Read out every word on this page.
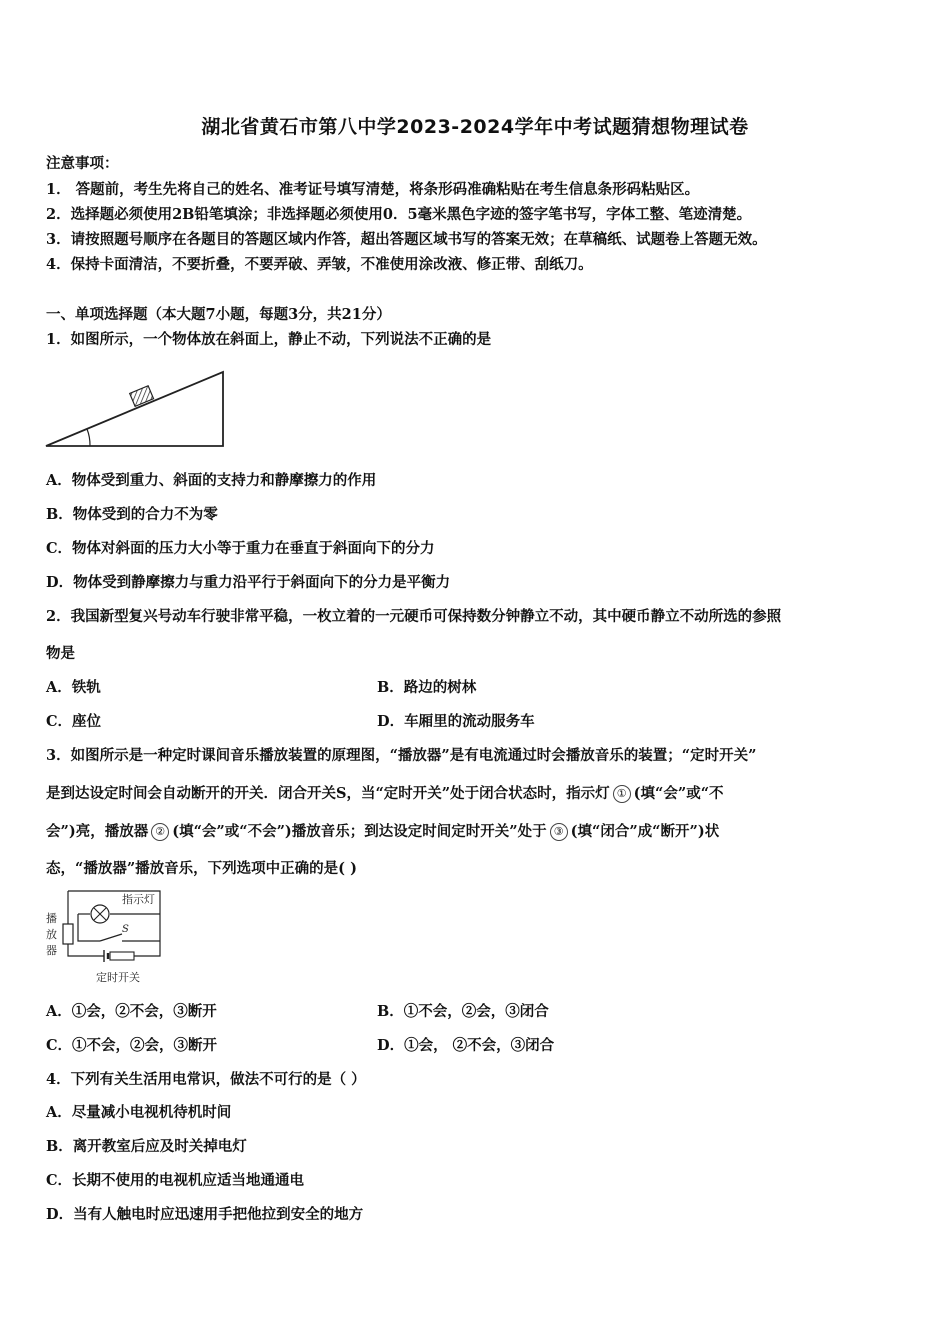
湖北省黄石市第八中学2023-2024学年中考试题猜想物理试卷
注意事项：
1． 答题前，考生先将自己的姓名、准考证号填写清楚，将条形码准确粘贴在考生信息条形码粘贴区。
2．选择题必须使用2B铅笔填涂；非选择题必须使用0．5毫米黑色字迹的签字笔书写，字体工整、笔迹清楚。
3．请按照题号顺序在各题目的答题区域内作答，超出答题区域书写的答案无效；在草稿纸、试题卷上答题无效。
4．保持卡面清洁，不要折叠，不要弄破、弄皱，不准使用涂改液、修正带、刮纸刀。
一、单项选择题（本大题7小题，每题3分，共21分）
1．如图所示，一个物体放在斜面上，静止不动，下列说法不正确的是
A．物体受到重力、斜面的支持力和静摩擦力的作用
B．物体受到的合力不为零
C．物体对斜面的压力大小等于重力在垂直于斜面向下的分力
D．物体受到静摩擦力与重力沿平行于斜面向下的分力是平衡力
2．我国新型复兴号动车行驶非常平稳，一枚立着的一元硬币可保持数分钟静立不动，其中硬币静立不动所选的参照
物是
A．铁轨	B．路边的树林
C．座位	D．车厢里的流动服务车
3．如图所示是一种定时课间音乐播放装置的原理图，“播放器”是有电流通过时会播放音乐的装置；“定时开关”
是到达设定时间会自动断开的开关．闭合开关S，当“定时开关”处于闭合状态时，指示灯 ① (填“会”或“不
会”)亮，播放器 ② (填“会”或“不会”)播放音乐；到达设定时间定时开关”处于 ③ (填“闭合”成“断开”)状
态，“播放器”播放音乐，下列选项中正确的是( )
指示灯
S
播
放
器
定时开关
A．①会，②不会，③断开	B．①不会，②会，③闭合
C．①不会，②会，③断开	D．①会， ②不会，③闭合
4．下列有关生活用电常识，做法不可行的是（ ）
A．尽量减小电视机待机时间
B．离开教室后应及时关掉电灯
C．长期不使用的电视机应适当地通通电
D．当有人触电时应迅速用手把他拉到安全的地方
